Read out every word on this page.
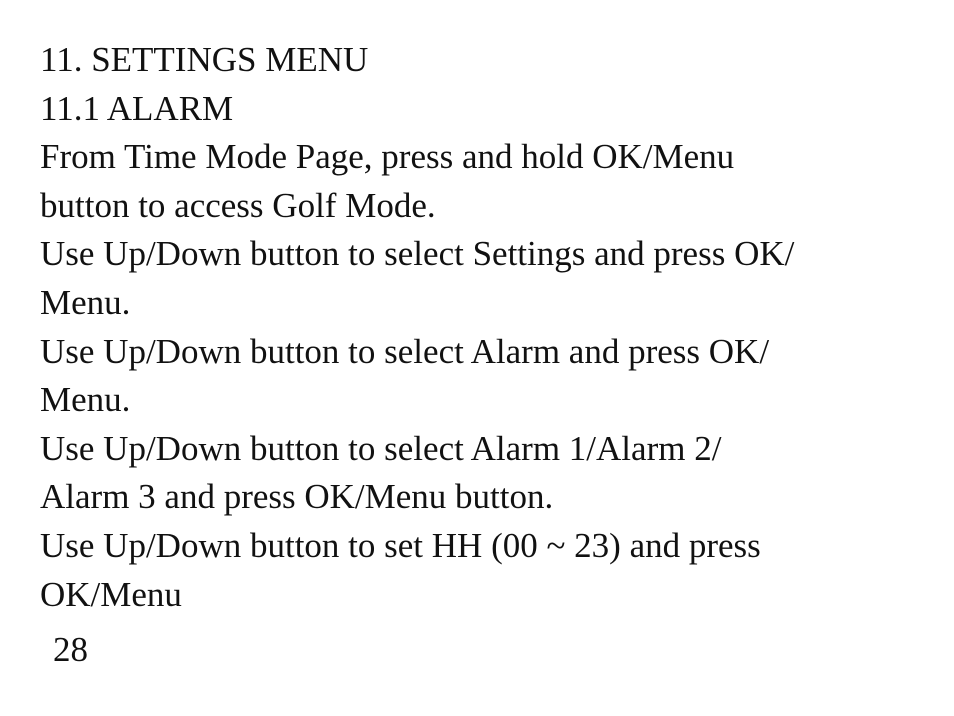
11. SETTINGS MENU
11.1 ALARM
From Time Mode Page, press and hold OK/Menu
button to access Golf Mode.
Use Up/Down button to select Settings and press OK/
Menu.
Use Up/Down button to select Alarm and press OK/
Menu.
Use Up/Down button to select Alarm 1/Alarm 2/
Alarm 3 and press OK/Menu button.
Use Up/Down button to set HH (00 ~ 23) and press
OK/Menu
28
